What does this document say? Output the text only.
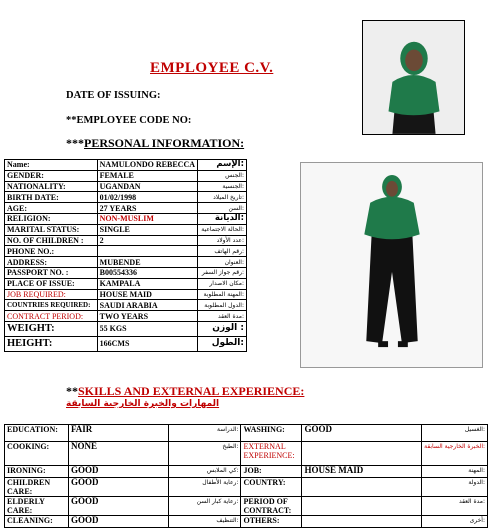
EMPLOYEE C.V.
DATE OF ISSUING:
**EMPLOYEE CODE NO:
***PERSONAL INFORMATION:
Name:	NAMULONDO REBECCA	الإسم:
GENDER:	FEMALE	الجنس:
NATIONALITY:	UGANDAN	الجنسية:
BIRTH DATE:	01/02/1998	تاريخ الميلاد:
AGE:	27 YEARS	السن:
RELIGION:	NON-MUSLIM	الديانة:
MARITAL STATUS:	SINGLE	الحالة الاجتماعية:
NO. OF CHILDREN :	2	عدد الأولاد:
PHONE NO.:		رقم الهاتف:
ADDRESS:	MUBENDE	العنوان:
PASSPORT NO. :	B00554336	رقم جواز السفر:
PLACE OF ISSUE:	KAMPALA	مكان الاصدار:
JOB REQUIRED:	HOUSE MAID	المهنة المطلوبة:
COUNTRIES REQUIRED:	SAUDI ARABIA	الدول المطلوبة:
CONTRACT PERIOD:	TWO YEARS	مدة العقد:
WEIGHT:	55 KGS	الوزن :
HEIGHT:	166CMS	الطول:
**SKILLS AND EXTERNAL EXPERIENCE:
المهارات والخبرة الخارجية السابقة
EDUCATION:	FAIR	الدراسة:	WASHING:	GOOD	الغسيل:
COOKING:	NONE	الطبخ:	EXTERNAL EXPERIENCE:		الخبرة الخارجية السابقة:
IRONING:	GOOD	كي الملابس:	JOB:	HOUSE MAID	المهنة:
CHILDREN CARE:	GOOD	رعاية الأطفال:	COUNTRY:		الدولة:
ELDERLY CARE:	GOOD	رعاية كبار السن:	PERIOD OF CONTRACT:		مدة العقد:
CLEANING:	GOOD	التنظيف:	OTHERS:		أخرى:
